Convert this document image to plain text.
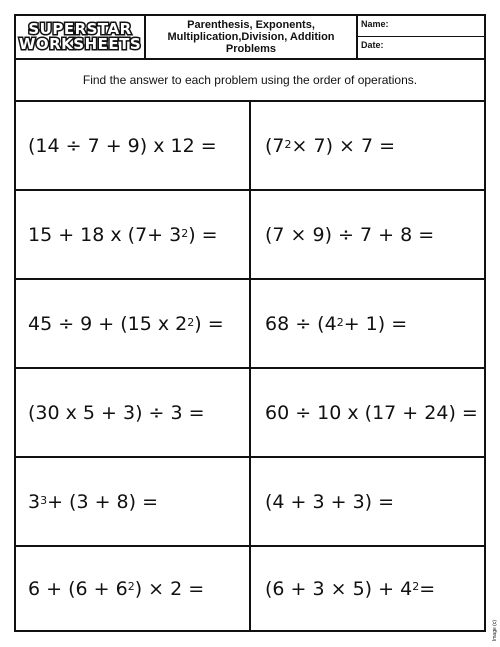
SUPERSTAR
WORKSHEETS
Parenthesis, Exponents, Multiplication,Division, Addition Problems
Name:
Date:
Find the answer to each problem using the order of operations.
(14 ÷ 7 + 9) x 12 =	$(7^2 \times 7) \times 7$ =
15 + 18 x ($7+ 3^2$ ) = (7 × 9) ÷ 7 + 8 =
45 ÷ 9 + (15 x $2^2$ ) = $68 \div (4^2 + 1)$ =
(30 x 5 + 3) ÷ 3 =	60 ÷ 10 x (17 + 24) =
$3^3 + (3 + 8)$ =	(4 + 3 + 3) =
$6 + (6 + 6^2$ ) × 2 =	$(6 + 3 \times 5) + 4^2$ =
Image (c)
